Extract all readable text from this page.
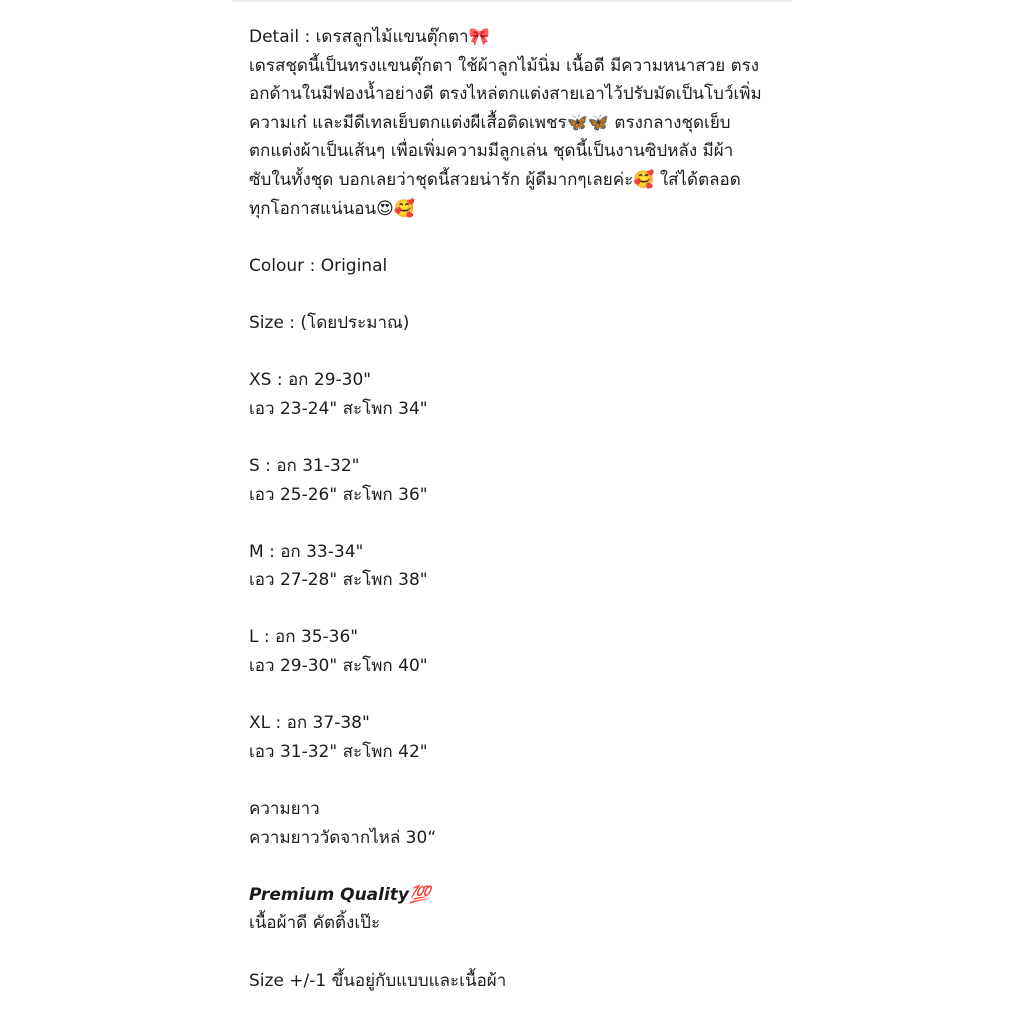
Detail : เดรสลูกไม้แขนตุ๊กตา🎀
เดรสชุดนี้เป็นทรงแขนตุ๊กตา ใช้ผ้าลูกไม้นิ่ม เนื้อดี มีความหนาสวย ตรง
อกด้านในมีฟองน้ำอย่างดี ตรงไหล่ตกแต่งสายเอาไว้ปรับมัดเป็นโบว์เพิ่ม
ความเก๋ และมีดีเทลเย็บตกแต่งผีเสื้อติดเพชร🦋🦋 ตรงกลางชุดเย็บ
ตกแต่งผ้าเป็นเส้นๆ เพื่อเพิ่มความมีลูกเล่น ชุดนี้เป็นงานซิปหลัง มีผ้า
ซับในทั้งชุด บอกเลยว่าชุดนี้สวยน่ารัก ผู้ดีมากๆเลยค่ะ🥰 ใส่ได้ตลอด
ทุกโอกาสแน่นอน😍🥰
Colour : Original
Size : (โดยประมาณ)
XS : อก 29-30"
เอว 23-24" สะโพก 34"
S : อก 31-32"
เอว 25-26" สะโพก 36"
M : อก 33-34"
เอว 27-28" สะโพก 38"
L : อก 35-36"
เอว 29-30" สะโพก 40"
XL : อก 37-38"
เอว 31-32" สะโพก 42"
ความยาว
ความยาววัดจากไหล่ 30“
Premium Quality💯
เนื้อผ้าดี คัตติ้งเป๊ะ
Size +/-1 ขึ้นอยู่กับแบบและเนื้อผ้า
